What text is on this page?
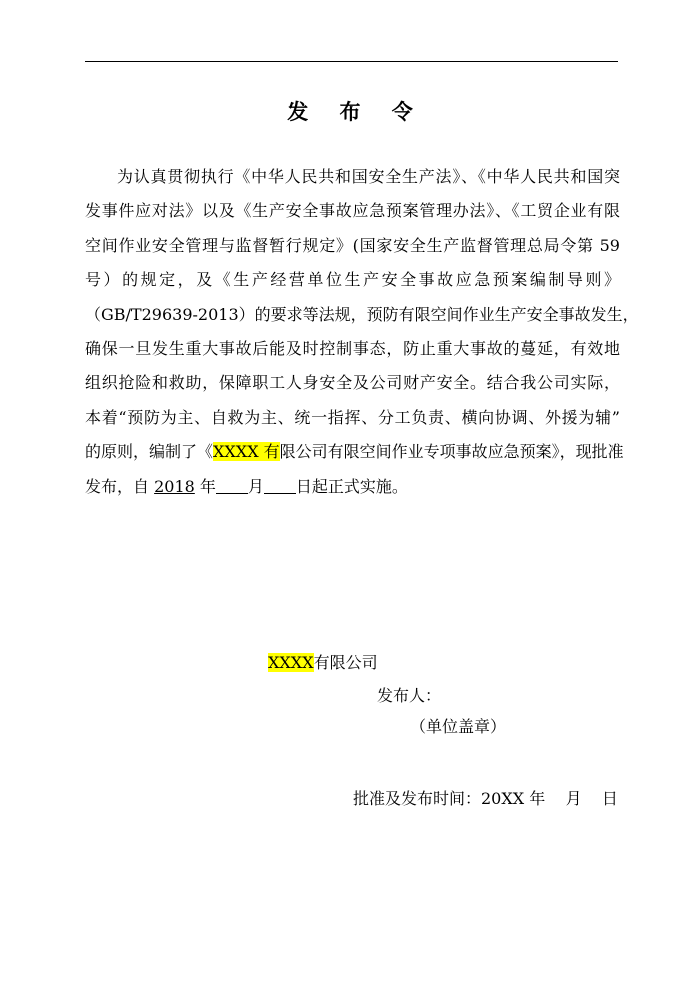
发 布 令
为认真贯彻执行《中华人民共和国安全生产法》、《中华人民共和国突
发事件应对法》以及《生产安全事故应急预案管理办法》、《工贸企业有限
空间作业安全管理与监督暂行规定》(国家安全生产监督管理总局令第 59
号）的规定，及《生产经营单位生产安全事故应急预案编制导则》
（GB/T29639-2013）的要求等法规，预防有限空间作业生产安全事故发生，
确保一旦发生重大事故后能及时控制事态，防止重大事故的蔓延，有效地
组织抢险和救助，保障职工人身安全及公司财产安全。结合我公司实际，
本着“预防为主、自救为主、统一指挥、分工负责、横向协调、外援为辅”
的原则，编制了《XXXX 有限公司有限空间作业专项事故应急预案》，现批准
发布，自 2018 年 月 日起正式实施。
XXXX有限公司
发布人：
（单位盖章）
批准及发布时间：20XX 年    月    日
